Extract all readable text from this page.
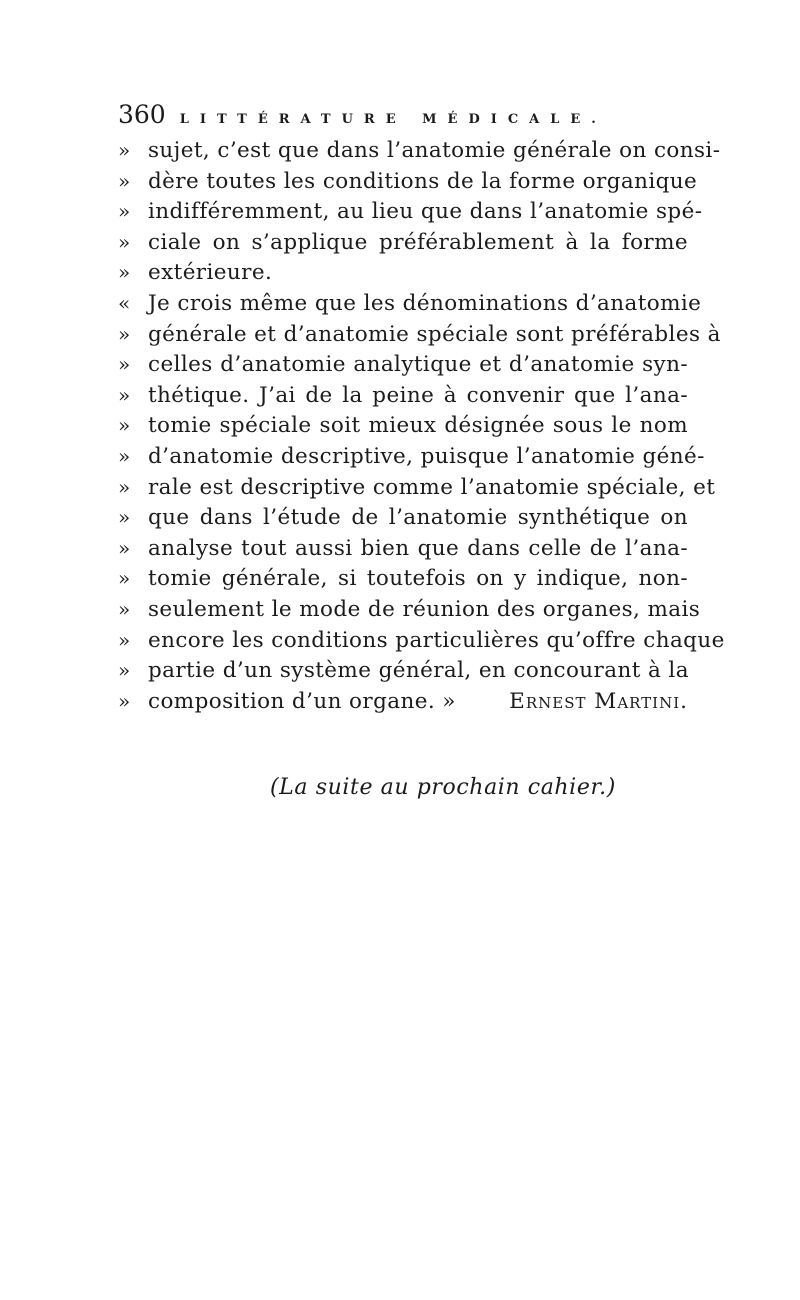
360 LITTÉRATURE MÉDICALE.
» sujet, c’est que dans l’anatomie générale on consi-
» dère toutes les conditions de la forme organique
» indifféremment, au lieu que dans l’anatomie spé-
» ciale on s’applique préférablement à la forme
» extérieure.
« Je crois même que les dénominations d’anatomie
» générale et d’anatomie spéciale sont préférables à
» celles d’anatomie analytique et d’anatomie syn-
» thétique. J’ai de la peine à convenir que l’ana-
» tomie spéciale soit mieux désignée sous le nom
» d’anatomie descriptive, puisque l’anatomie géné-
» rale est descriptive comme l’anatomie spéciale, et
» que dans l’étude de l’anatomie synthétique on
» analyse tout aussi bien que dans celle de l’ana-
» tomie générale, si toutefois on y indique, non-
» seulement le mode de réunion des organes, mais
» encore les conditions particulières qu’offre chaque
» partie d’un système général, en concourant à la
» composition d’un organe. » Ernest Martini.
(La suite au prochain cahier.)
